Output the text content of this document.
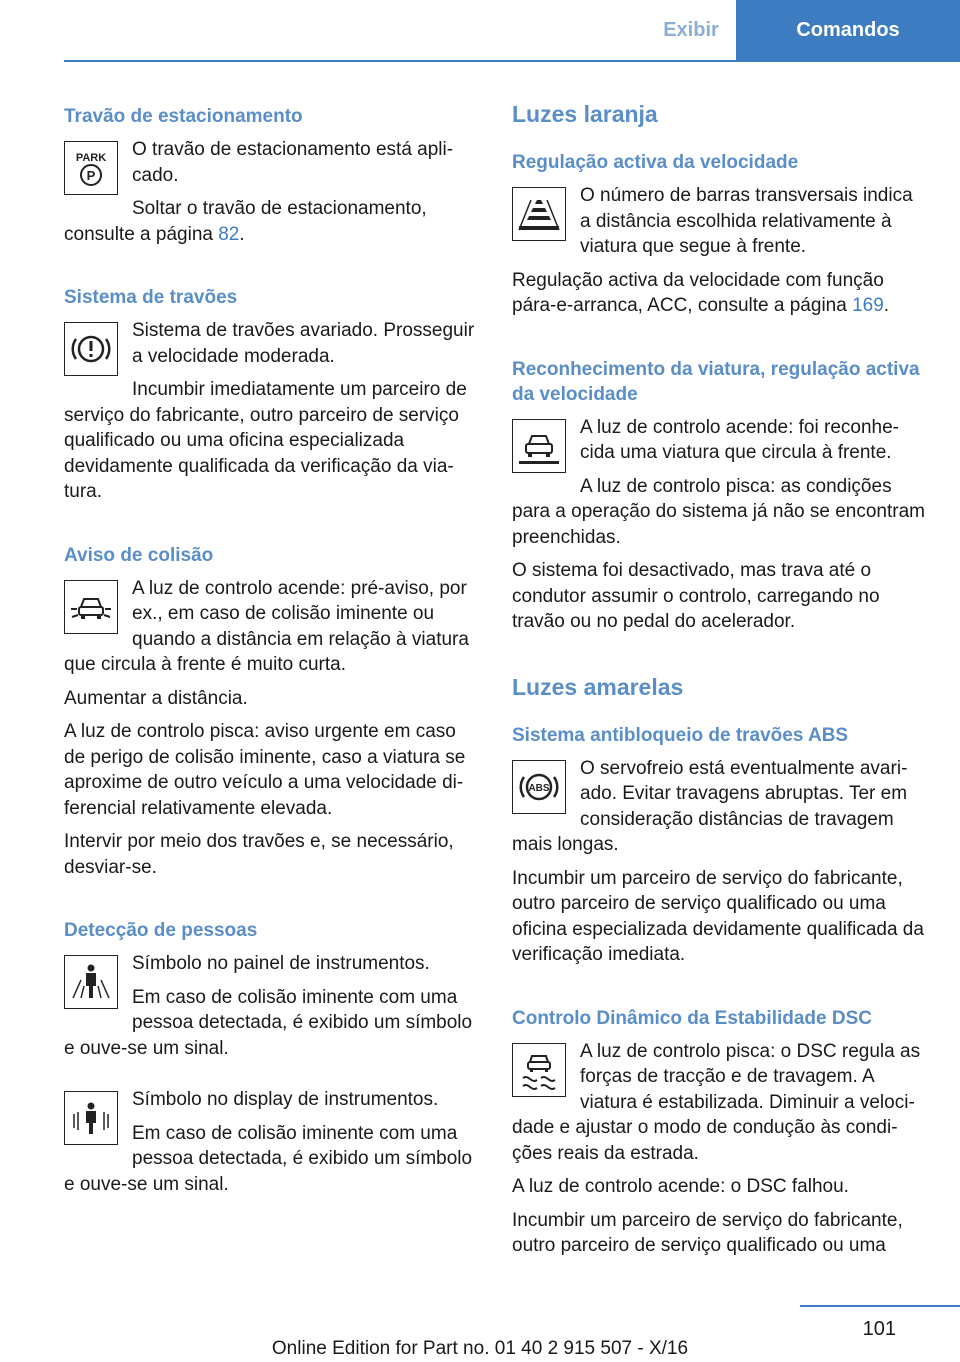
Exibir	Comandos
Travão de estacionamento
PARK
P

O travão de estacionamento está aplicado.

Soltar o travão de estacionamento, consulte a página 82.

Sistema de travões

Sistema de travões avariado. Prosseguir a velocidade moderada.

Incumbir imediatamente um parceiro de serviço do fabricante, outro parceiro de serviço qualificado ou uma oficina especializada devidamente qualificada da verificação da viatura.

Aviso de colisão

A luz de controlo acende: pré-aviso, por ex., em caso de colisão iminente ou quando a distância em relação à viatura que circula à frente é muito curta.

Aumentar a distância.

A luz de controlo pisca: aviso urgente em caso de perigo de colisão iminente, caso a viatura se aproxime de outro veículo a uma velocidade diferencial relativamente elevada.

Intervir por meio dos travões e, se necessário, desviar-se.

Detecção de pessoas

Símbolo no painel de instrumentos.

Em caso de colisão iminente com uma pessoa detectada, é exibido um símbolo e ouve-se um sinal.

Símbolo no display de instrumentos.

Em caso de colisão iminente com uma pessoa detectada, é exibido um símbolo e ouve-se um sinal.

Luzes laranja
Regulação activa da velocidade

O número de barras transversais indica a distância escolhida relativamente à viatura que segue à frente.

Regulação activa da velocidade com função pára-e-arranca, ACC, consulte a página 169.

Reconhecimento da viatura, regulação activa da velocidade

A luz de controlo acende: foi reconhecida uma viatura que circula à frente.

A luz de controlo pisca: as condições para a operação do sistema já não se encontram preenchidas.

O sistema foi desactivado, mas trava até o condutor assumir o controlo, carregando no travão ou no pedal do acelerador.

Luzes amarelas
Sistema antibloqueio de travões ABS
ABS

O servofreio está eventualmente avariado. Evitar travagens abruptas. Ter em consideração distâncias de travagem mais longas.

Incumbir um parceiro de serviço do fabricante, outro parceiro de serviço qualificado ou uma oficina especializada devidamente qualificada da verificação imediata.

Controlo Dinâmico da Estabilidade DSC

A luz de controlo pisca: o DSC regula as forças de tracção e de travagem. A viatura é estabilizada. Diminuir a velocidade e ajustar o modo de condução às condições reais da estrada.

A luz de controlo acende: o DSC falhou.

Incumbir um parceiro de serviço do fabricante, outro parceiro de serviço qualificado ou uma

101
Online Edition for Part no. 01 40 2 915 507 - X/16
